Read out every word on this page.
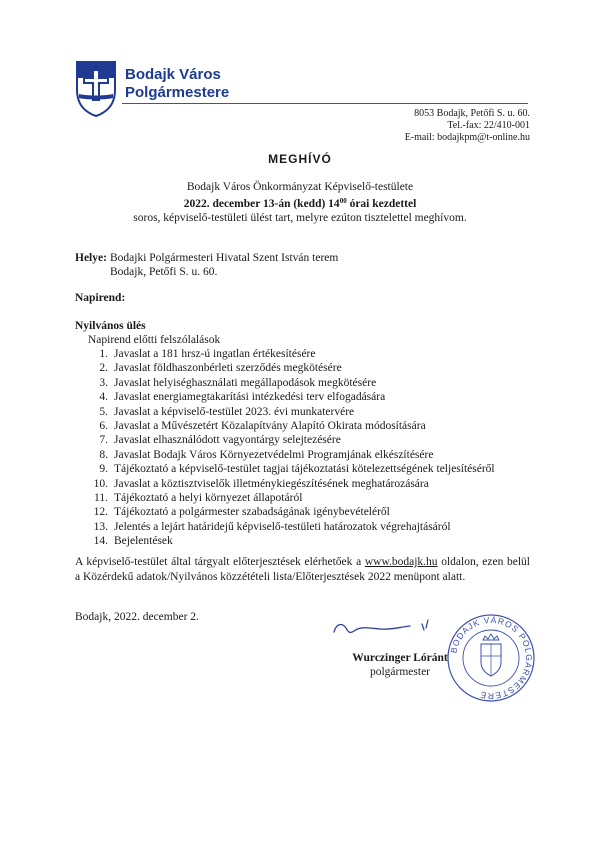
Bodajk Város
Polgármestere
8053 Bodajk, Petőfi S. u. 60.
Tel.-fax: 22/410-001
E-mail: bodajkpm@t-online.hu
MEGHÍVÓ
Bodajk Város Önkormányzat Képviselő-testülete
2022. december 13-án (kedd) $14^{00}$ órai kezdettel
soros, képviselő-testületi ülést tart, melyre ezúton tisztelettel meghívom.
Helye: Bodajki Polgármesteri Hivatal Szent István terem
Bodajk, Petőfi S. u. 60.
Napirend:
Nyilvános ülés
Napirend előtti felszólalások
1. Javaslat a 181 hrsz-ú ingatlan értékesítésére
2. Javaslat földhaszonbérleti szerződés megkötésére
3. Javaslat helyiséghasználati megállapodások megkötésére
4. Javaslat energiamegtakarítási intézkedési terv elfogadására
5. Javaslat a képviselő-testület 2023. évi munkatervére
6. Javaslat a Művészetért Közalapítvány Alapító Okirata módosítására
7. Javaslat elhasználódott vagyontárgy selejtezésére
8. Javaslat Bodajk Város Környezetvédelmi Programjának elkészítésére
9. Tájékoztató a képviselő-testület tagjai tájékoztatási kötelezettségének teljesítéséről
10. Javaslat a köztisztviselők illetménykiegészítésének meghatározására
11. Tájékoztató a helyi környezet állapotáról
12. Tájékoztató a polgármester szabadságának igénybevételéről
13. Jelentés a lejárt határidejű képviselő-testületi határozatok végrehajtásáról
14. Bejelentések
A képviselő-testület által tárgyalt előterjesztések elérhetőek a www.bodajk.hu oldalon, ezen belül a Közérdekű adatok/Nyilvános közzétételi lista/Előterjesztések 2022 menüpont alatt.
Bodajk, 2022. december 2.
Wurczinger Lóránt
polgármester
BODAJK VÁROS POLGÁRMESTERE
